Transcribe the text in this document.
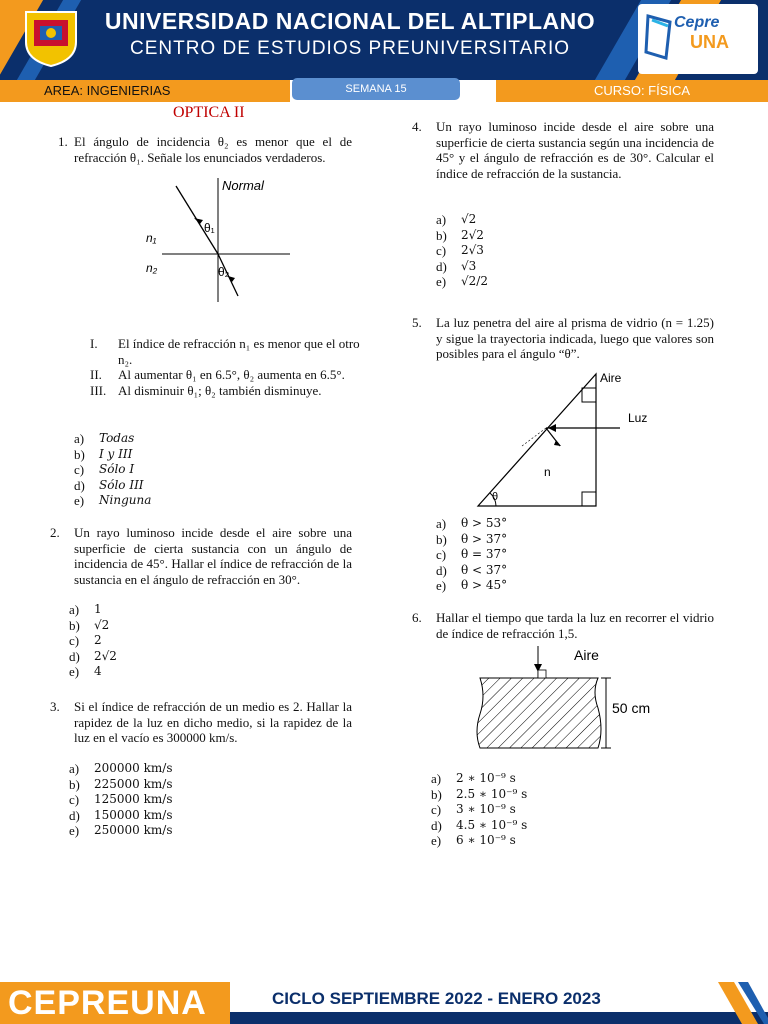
UNIVERSIDAD NACIONAL DEL ALTIPLANO
CENTRO DE ESTUDIOS PREUNIVERSITARIO
Cepre
UNA
AREA: INGENIERIAS	SEMANA 15	CURSO: FÍSICA
OPTICA II
1. El ángulo de incidencia θ₂ es menor que el de refracción θ₁. Señale los enunciados verdaderos.
Normal
n₁
n₂
θ₁
θ₂
I.	El índice de refracción n₁ es menor que el otro n₂.
II.	Al aumentar θ₁ en 6.5°, θ₂ aumenta en 6.5°.
III. Al disminuir θ₁; θ₂ también disminuye.
a)	Todas
b)	I y III
c)	Sólo I
d)	Sólo III
e)	Ninguna
2. Un rayo luminoso incide desde el aire sobre una superficie de cierta sustancia con un ángulo de incidencia de 45°. Hallar el índice de refracción de la sustancia en el ángulo de refracción en 30°.
a)	1
b)	√2
c)	2
d)	2√2
e)	4
3. Si el índice de refracción de un medio es 2. Hallar la rapidez de la luz en dicho medio, si la rapidez de la luz en el vacío es 300000 km/s.
a)	200000 km/s
b)	225000 km/s
c)	125000 km/s
d)	150000 km/s
e)	250000 km/s
4. Un rayo luminoso incide desde el aire sobre una superficie de cierta sustancia según una incidencia de 45° y el ángulo de refracción es de 30°. Calcular el índice de refracción de la sustancia.
a)	√2
b)	2√2
c)	2√3
d)	√3
e)	√2/2
5. La luz penetra del aire al prisma de vidrio (n = 1.25) y sigue la trayectoria indicada, luego que valores son posibles para el ángulo “θ”.
Aire
Luz
n
θ
a)	θ > 53°
b)	θ > 37°
c)	θ = 37°
d)	θ < 37°
e)	θ > 45°
6. Hallar el tiempo que tarda la luz en recorrer el vidrio de índice de refracción 1,5.
Aire
50 cm
a)	2 ∗ 10⁻⁹ s
b)	2.5 ∗ 10⁻⁹ s
c)	3 ∗ 10⁻⁹ s
d)	4.5 ∗ 10⁻⁹ s
e)	6 ∗ 10⁻⁹ s
CEPREUNA	CICLO SEPTIEMBRE 2022 - ENERO 2023
